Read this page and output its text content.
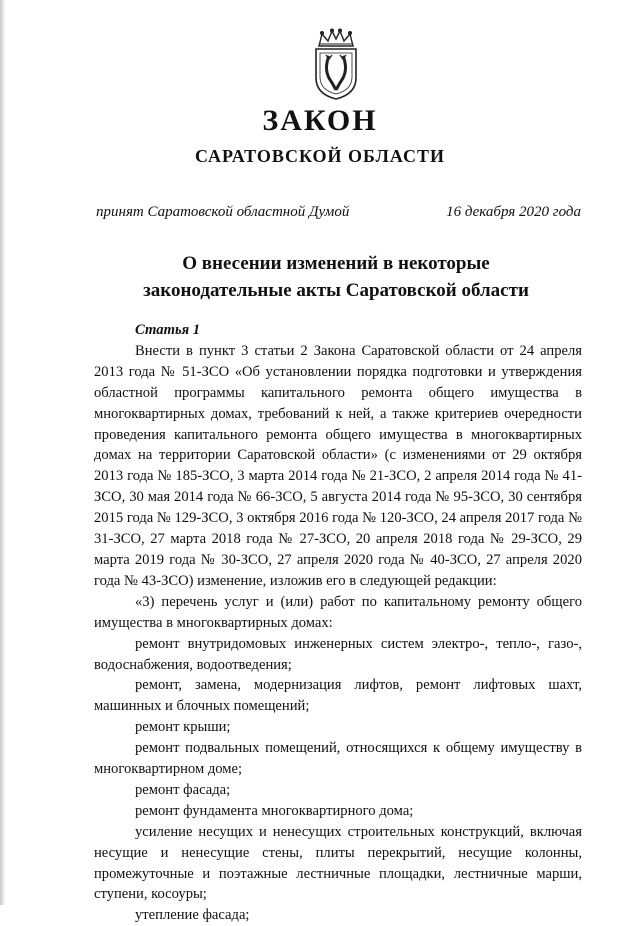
ЗАКОН
САРАТОВСКОЙ ОБЛАСТИ
принят Саратовской областной Думой	16 декабря 2020 года
О внесении изменений в некоторые
законодательные акты Саратовской области

Статья 1

Внести в пункт 3 статьи 2 Закона Саратовской области от 24 апреля 2013 года № 51-ЗСО «Об установлении порядка подготовки и утверждения областной программы капитального ремонта общего имущества в многоквартирных домах, требований к ней, а также критериев очередности проведения капитального ремонта общего имущества в многоквартирных домах на территории Саратовской области» (с изменениями от 29 октября 2013 года № 185-ЗСО, 3 марта 2014 года № 21-ЗСО, 2 апреля 2014 года № 41-ЗСО, 30 мая 2014 года № 66-ЗСО, 5 августа 2014 года № 95-ЗСО, 30 сентября 2015 года № 129-ЗСО, 3 октября 2016 года № 120-ЗСО, 24 апреля 2017 года № 31-ЗСО, 27 марта 2018 года № 27-ЗСО, 20 апреля 2018 года № 29-ЗСО, 29 марта 2019 года № 30-ЗСО, 27 апреля 2020 года № 40-ЗСО, 27 апреля 2020 года № 43-ЗСО) изменение, изложив его в следующей редакции:

«3) перечень услуг и (или) работ по капитальному ремонту общего имущества в многоквартирных домах:

ремонт внутридомовых инженерных систем электро-, тепло-, газо-, водоснабжения, водоотведения;

ремонт, замена, модернизация лифтов, ремонт лифтовых шахт, машинных и блочных помещений;

ремонт крыши;

ремонт подвальных помещений, относящихся к общему имуществу в многоквартирном доме;

ремонт фасада;

ремонт фундамента многоквартирного дома;

усиление несущих и ненесущих строительных конструкций, включая несущие и ненесущие стены, плиты перекрытий, несущие колонны, промежуточные и поэтажные лестничные площадки, лестничные марши, ступени, косоуры;

утепление фасада;
